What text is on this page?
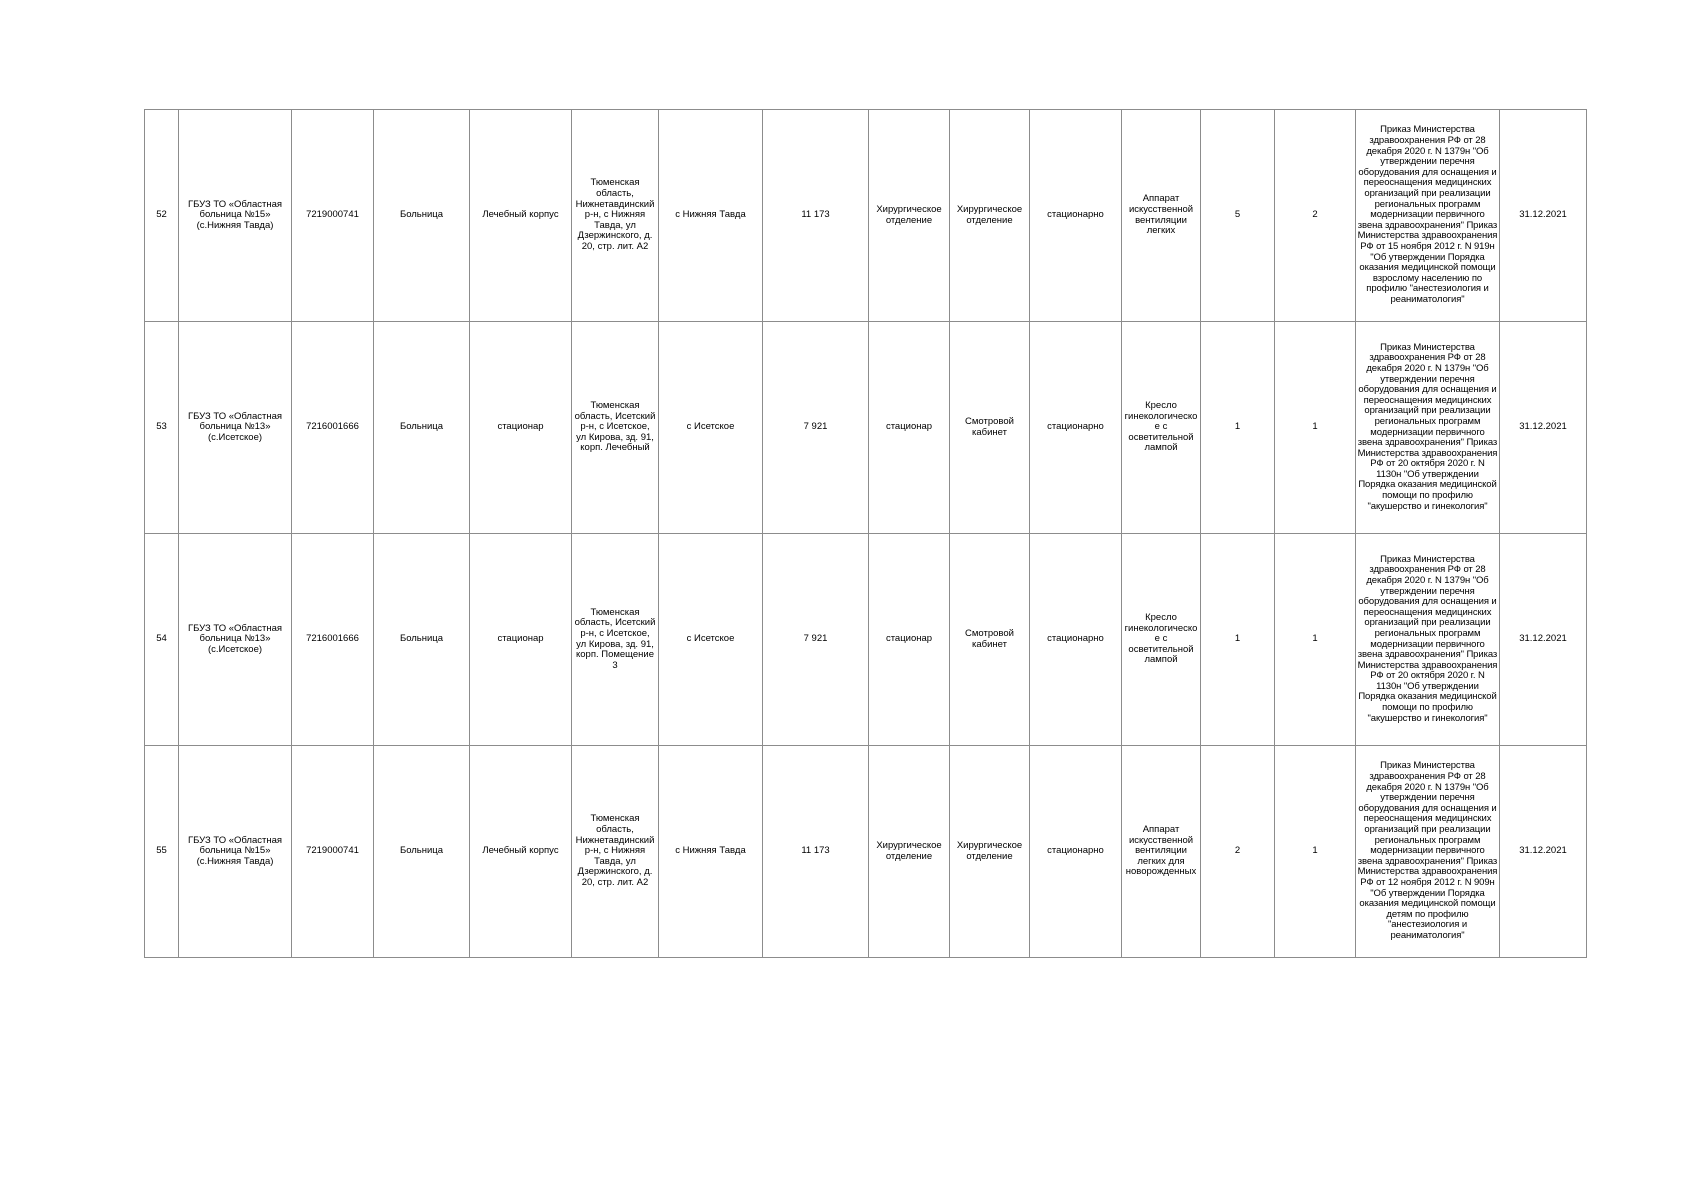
52	ГБУЗ ТО «Областная больница №15» (с.Нижняя Тавда)	7219000741	Больница	Лечебный корпус	Тюменская область, Нижнетавдинский р-н, с Нижняя Тавда, ул Дзержинского, д. 20, стр. лит. А2	с Нижняя Тавда	11 173	Хирургическое отделение	Хирургическое отделение	стационарно	Аппарат искусственной вентиляции легких	5	2	Приказ Министерства здравоохранения РФ от 28 декабря 2020 г. N 1379н "Об утверждении перечня оборудования для оснащения и переоснащения медицинских организаций при реализации региональных программ модернизации первичного звена здравоохранения" Приказ Министерства здравоохранения РФ от 15 ноября 2012 г. N 919н "Об утверждении Порядка оказания медицинской помощи взрослому населению по профилю "анестезиология и реаниматология"	31.12.2021
53	ГБУЗ ТО «Областная больница №13» (с.Исетское)	7216001666	Больница	стационар	Тюменская область, Исетский р-н, с Исетское, ул Кирова, зд. 91, корп. Лечебный	с Исетское	7 921	стационар	Смотровой кабинет	стационарно	Кресло гинекологическое с осветительной лампой	1	1	Приказ Министерства здравоохранения РФ от 28 декабря 2020 г. N 1379н "Об утверждении перечня оборудования для оснащения и переоснащения медицинских организаций при реализации региональных программ модернизации первичного звена здравоохранения" Приказ Министерства здравоохранения РФ от 20 октября 2020 г. N 1130н "Об утверждении Порядка оказания медицинской помощи по профилю "акушерство и гинекология"	31.12.2021
54	ГБУЗ ТО «Областная больница №13» (с.Исетское)	7216001666	Больница	стационар	Тюменская область, Исетский р-н, с Исетское, ул Кирова, зд. 91, корп. Помещение 3	с Исетское	7 921	стационар	Смотровой кабинет	стационарно	Кресло гинекологическое с осветительной лампой	1	1	Приказ Министерства здравоохранения РФ от 28 декабря 2020 г. N 1379н "Об утверждении перечня оборудования для оснащения и переоснащения медицинских организаций при реализации региональных программ модернизации первичного звена здравоохранения" Приказ Министерства здравоохранения РФ от 20 октября 2020 г. N 1130н "Об утверждении Порядка оказания медицинской помощи по профилю "акушерство и гинекология"	31.12.2021
55	ГБУЗ ТО «Областная больница №15» (с.Нижняя Тавда)	7219000741	Больница	Лечебный корпус	Тюменская область, Нижнетавдинский р-н, с Нижняя Тавда, ул Дзержинского, д. 20, стр. лит. А2	с Нижняя Тавда	11 173	Хирургическое отделение	Хирургическое отделение	стационарно	Аппарат искусственной вентиляции легких для новорожденных	2	1	Приказ Министерства здравоохранения РФ от 28 декабря 2020 г. N 1379н "Об утверждении перечня оборудования для оснащения и переоснащения медицинских организаций при реализации региональных программ модернизации первичного звена здравоохранения" Приказ Министерства здравоохранения РФ от 12 ноября 2012 г. N 909н "Об утверждении Порядка оказания медицинской помощи детям по профилю "анестезиология и реаниматология"	31.12.2021
